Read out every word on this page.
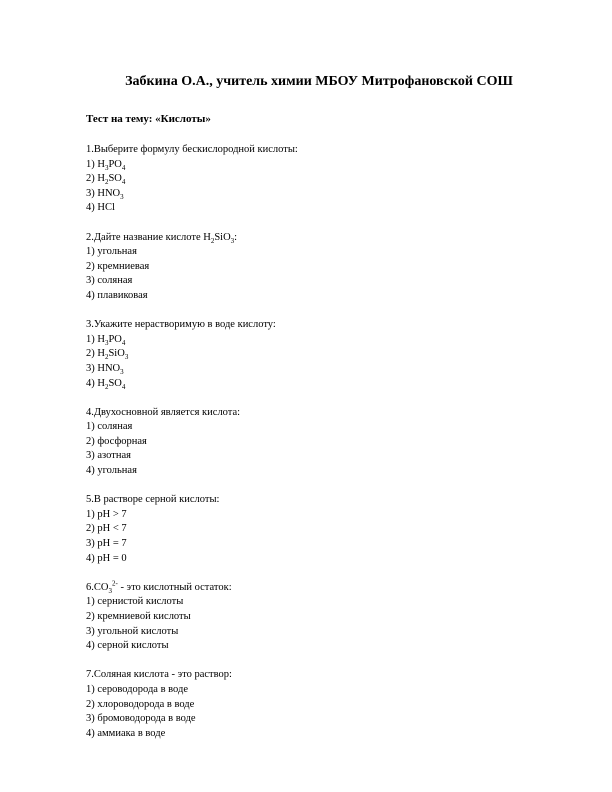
Забкина О.А., учитель химии МБОУ Митрофановской СОШ
Тест на тему: «Кислоты»
1.Выберите формулу бескислородной кислоты:
1) $H_3PO_4$
2) $H_2SO_4$
3) $HNO_3$
4) HCl
2.Дайте название кислоте $H_2SiO_3$:
1) угольная
2) кремниевая
3) соляная
4) плавиковая
3.Укажите нерастворимую в воде кислоту:
1) $H_3PO_4$
2) $H_2SiO_3$
3) $HNO_3$
4) $H_2SO_4$
4.Двухосновной является кислота:
1) соляная
2) фосфорная
3) азотная
4) угольная
5.В растворе серной кислоты:
1) pH > 7
2) pH < 7
3) pH = 7
4) pH = 0
$6.CO_3^{2-}$ - это кислотный остаток:
1) сернистой кислоты
2) кремниевой кислоты
3) угольной кислоты
4) серной кислоты
7.Соляная кислота - это раствор:
1) сероводорода в воде
2) хлороводорода в воде
3) бромоводорода в воде
4) аммиака в воде
